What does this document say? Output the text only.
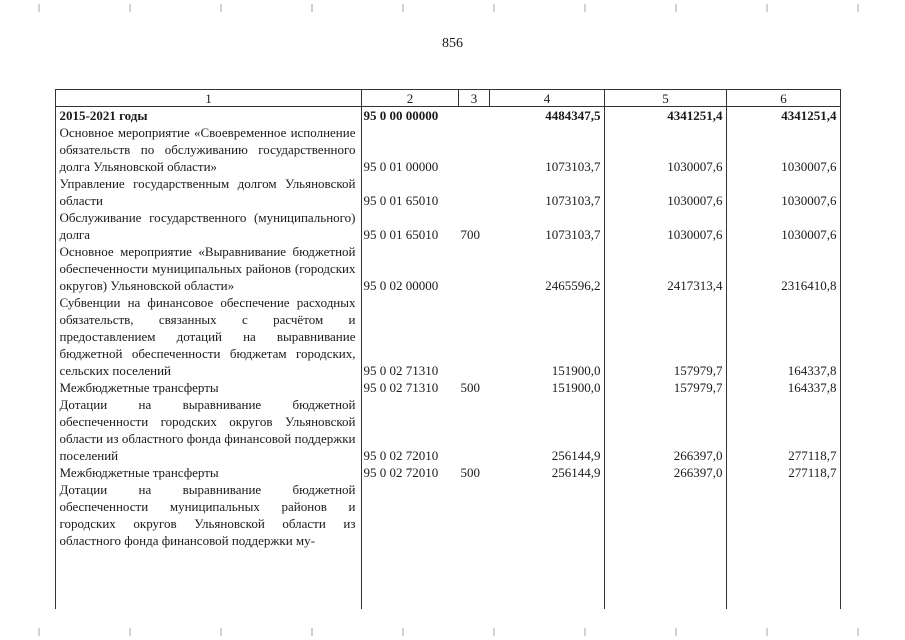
856
1	2	3	4	5	6
2015-2021 годы	95 0 00 00000		4484347,5	4341251,4	4341251,4
Основное мероприятие «Своевременное исполнение обязательств по обслуживанию государственного долга Ульяновской области»	95 0 01 00000		1073103,7	1030007,6	1030007,6
Управление государственным долгом Ульяновской области	95 0 01 65010		1073103,7	1030007,6	1030007,6
Обслуживание государственного (муниципального) долга	95 0 01 65010	700	1073103,7	1030007,6	1030007,6
Основное мероприятие «Выравнивание бюджетной обеспеченности муниципальных районов (городских округов) Ульяновской области»	95 0 02 00000		2465596,2	2417313,4	2316410,8
Субвенции на финансовое обеспечение расходных обязательств, связанных с расчётом и предоставлением дотаций на выравнивание бюджетной обеспеченности бюджетам городских, сельских поселений	95 0 02 71310		151900,0	157979,7	164337,8
Межбюджетные трансферты	95 0 02 71310	500	151900,0	157979,7	164337,8
Дотации на выравнивание бюджетной обеспеченности городских округов Ульяновской области из областного фонда финансовой поддержки поселений	95 0 02 72010		256144,9	266397,0	277118,7
Межбюджетные трансферты	95 0 02 72010	500	256144,9	266397,0	277118,7
Дотации на выравнивание бюджетной обеспеченности муниципальных районов и городских округов Ульяновской области из областного фонда финансовой поддержки му-					
